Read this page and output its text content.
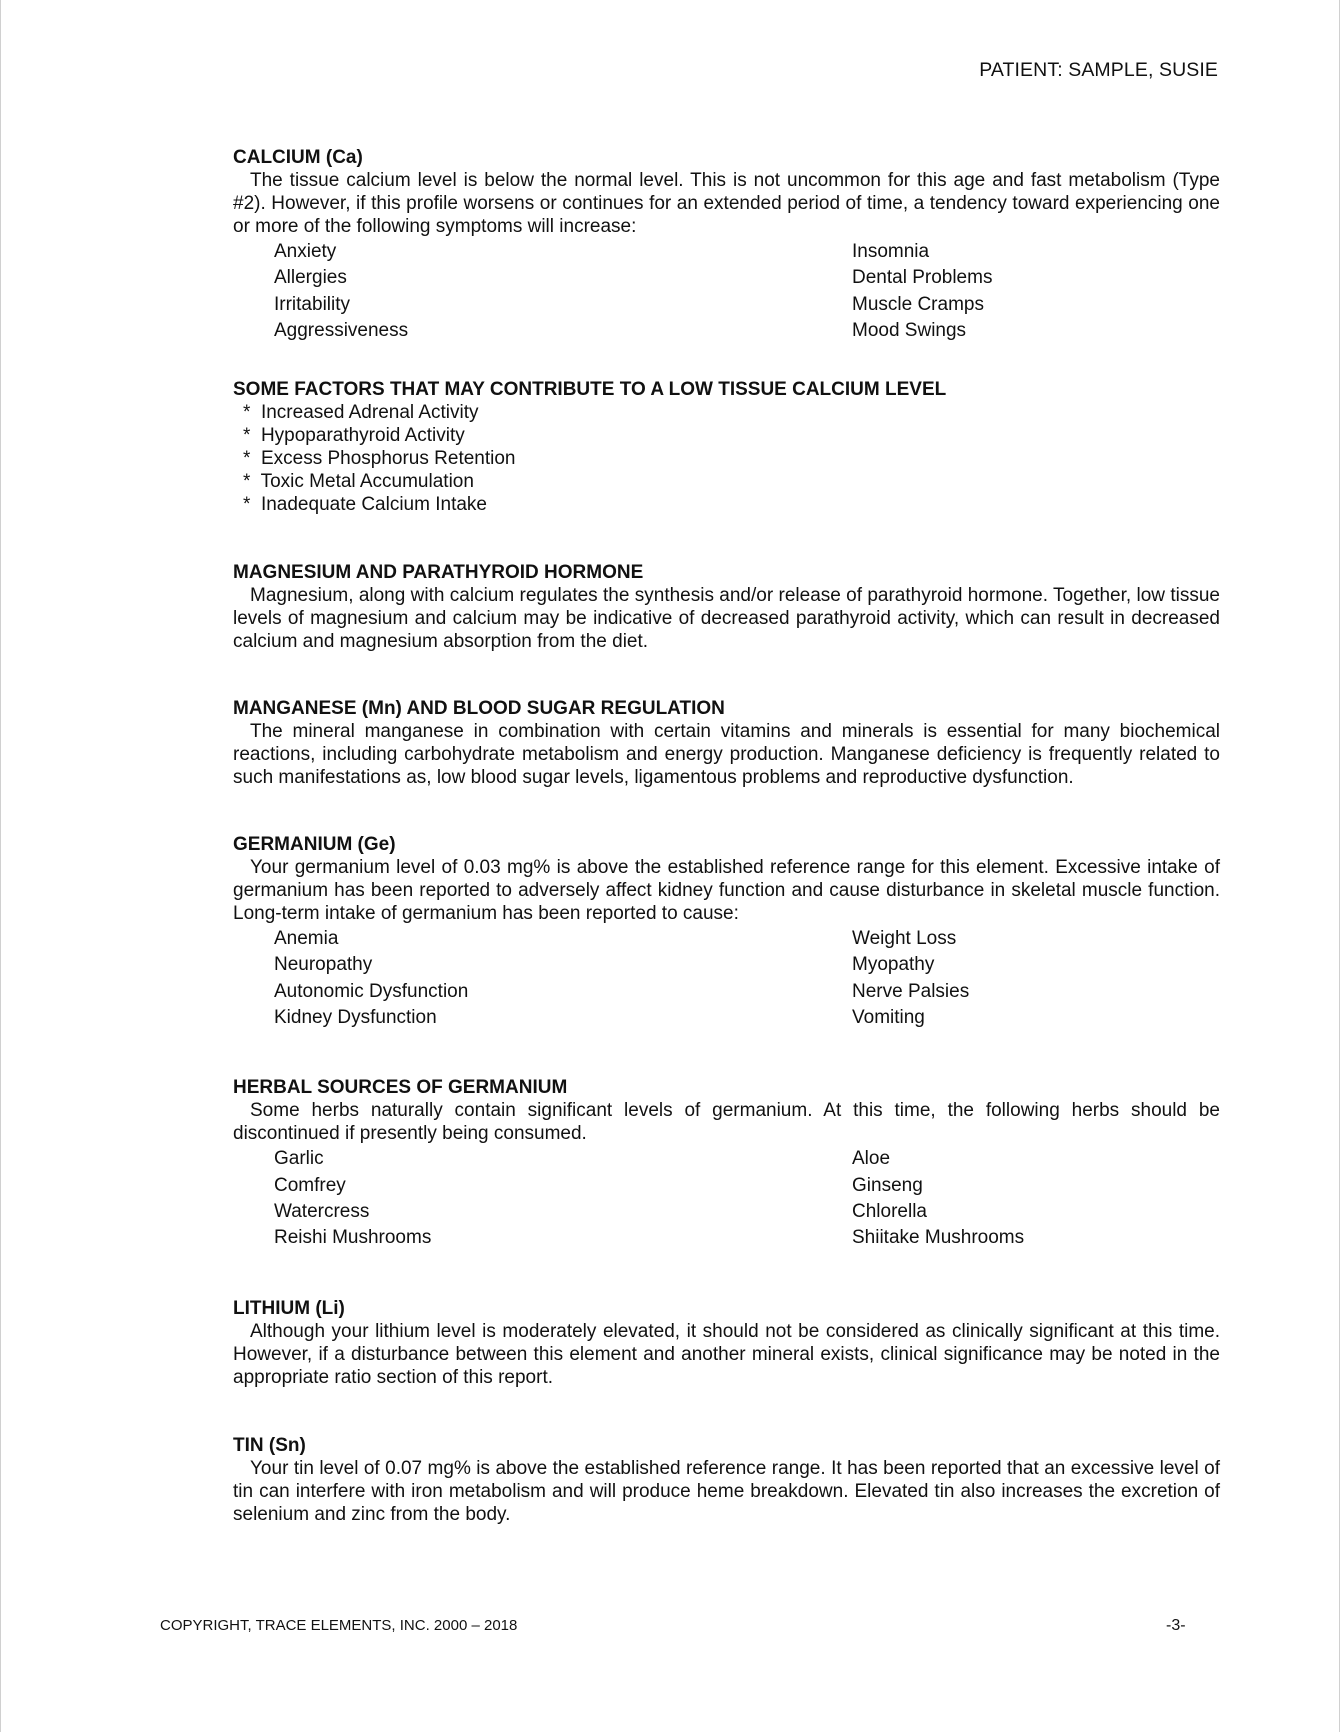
PATIENT: SAMPLE, SUSIE
CALCIUM (Ca)

The tissue calcium level is below the normal level. This is not uncommon for this age and fast metabolism (Type #2). However, if this profile worsens or continues for an extended period of time, a tendency toward experiencing one or more of the following symptoms will increase:

Anxiety	Insomnia
Allergies	Dental Problems
Irritability	Muscle Cramps
Aggressiveness	Mood Swings
SOME FACTORS THAT MAY CONTRIBUTE TO A LOW TISSUE CALCIUM LEVEL
* Increased Adrenal Activity
* Hypoparathyroid Activity
* Excess Phosphorus Retention
* Toxic Metal Accumulation
* Inadequate Calcium Intake
MAGNESIUM AND PARATHYROID HORMONE

Magnesium, along with calcium regulates the synthesis and/or release of parathyroid hormone. Together, low tissue levels of magnesium and calcium may be indicative of decreased parathyroid activity, which can result in decreased calcium and magnesium absorption from the diet.

MANGANESE (Mn) AND BLOOD SUGAR REGULATION

The mineral manganese in combination with certain vitamins and minerals is essential for many biochemical reactions, including carbohydrate metabolism and energy production. Manganese deficiency is frequently related to such manifestations as, low blood sugar levels, ligamentous problems and reproductive dysfunction.

GERMANIUM (Ge)

Your germanium level of 0.03 mg% is above the established reference range for this element. Excessive intake of germanium has been reported to adversely affect kidney function and cause disturbance in skeletal muscle function. Long-term intake of germanium has been reported to cause:

Anemia	Weight Loss
Neuropathy	Myopathy
Autonomic Dysfunction	Nerve Palsies
Kidney Dysfunction	Vomiting
HERBAL SOURCES OF GERMANIUM

Some herbs naturally contain significant levels of germanium. At this time, the following herbs should be discontinued if presently being consumed.

Garlic	Aloe
Comfrey	Ginseng
Watercress	Chlorella
Reishi Mushrooms	Shiitake Mushrooms
LITHIUM (Li)

Although your lithium level is moderately elevated, it should not be considered as clinically significant at this time. However, if a disturbance between this element and another mineral exists, clinical significance may be noted in the appropriate ratio section of this report.

TIN (Sn)

Your tin level of 0.07 mg% is above the established reference range. It has been reported that an excessive level of tin can interfere with iron metabolism and will produce heme breakdown. Elevated tin also increases the excretion of selenium and zinc from the body.

COPYRIGHT, TRACE ELEMENTS, INC. 2000 – 2018	-3-
